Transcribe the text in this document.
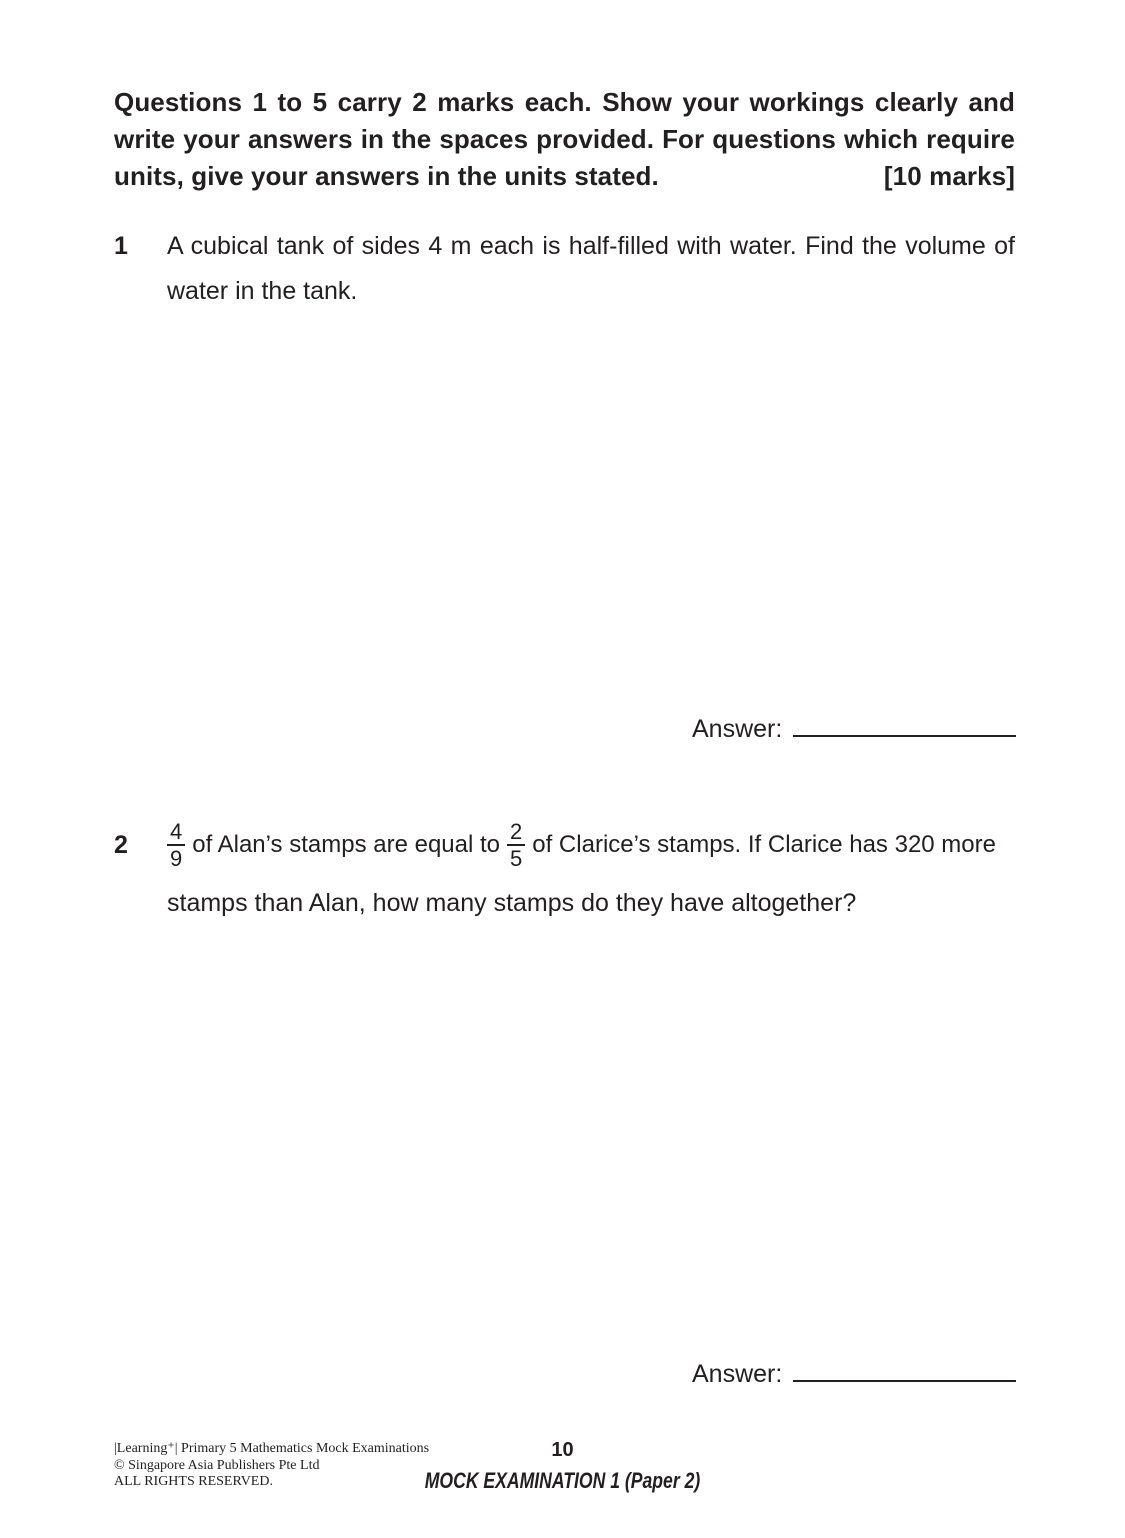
Questions 1 to 5 carry 2 marks each. Show your workings clearly and
write your answers in the spaces provided. For questions which require
units, give your answers in the units stated.	[10 marks]
1	A cubical tank of sides 4 m each is half-filled with water. Find the volume of
water in the tank.
Answer:
2	$\frac{4}{9}$ of Alan’s stamps are equal to $\frac{2}{5}$ of Clarice’s stamps. If Clarice has 320 more
stamps than Alan, how many stamps do they have altogether?
Answer:
|Learning⁺| Primary 5 Mathematics Mock Examinations
© Singapore Asia Publishers Pte Ltd
ALL RIGHTS RESERVED.
10
MOCK EXAMINATION 1 (Paper 2)
